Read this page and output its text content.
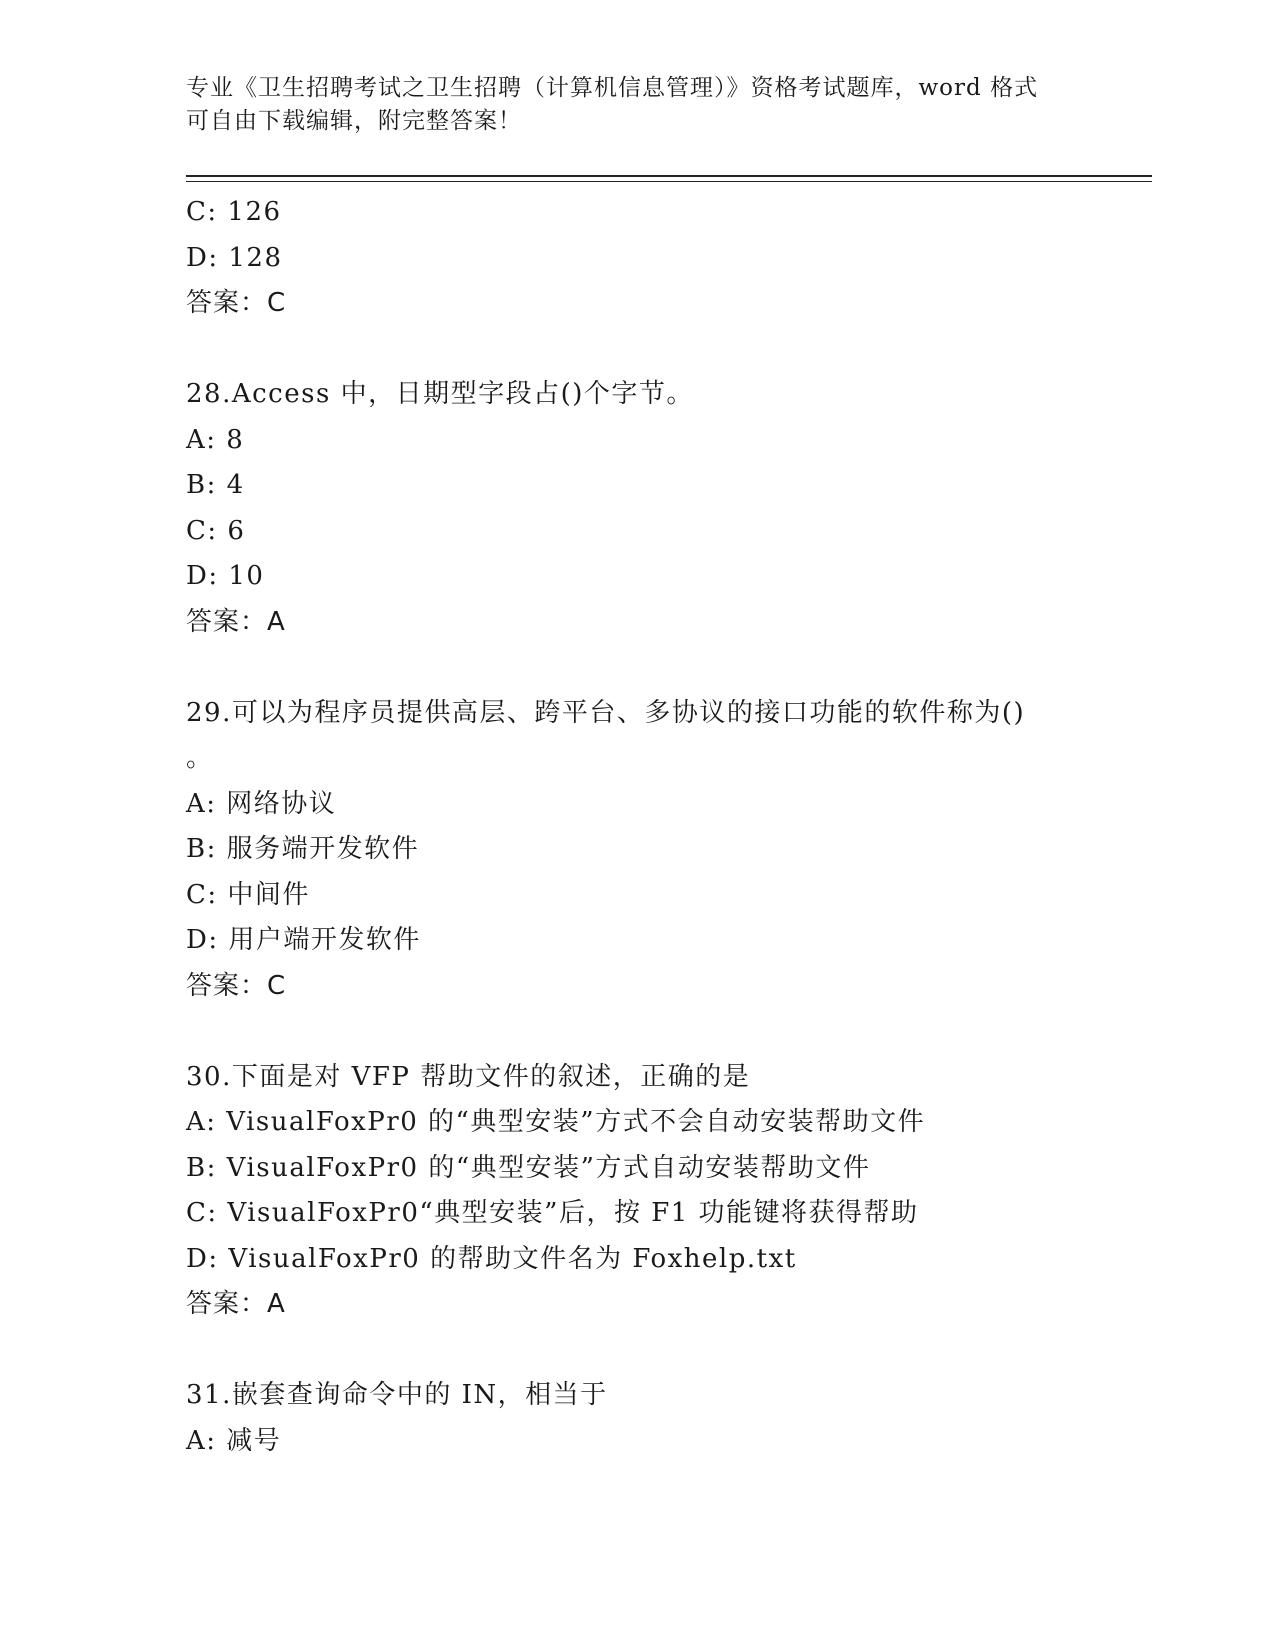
专业《卫生招聘考试之卫生招聘（计算机信息管理）》资格考试题库，word 格式
可自由下载编辑，附完整答案！
C: 126
D: 128
答案：C
28.Access 中，日期型字段占()个字节。
A: 8
B: 4
C: 6
D: 10
答案：A
29.可以为程序员提供高层、跨平台、多协议的接口功能的软件称为()
。
A: 网络协议
B: 服务端开发软件
C: 中间件
D: 用户端开发软件
答案：C
30.下面是对 VFP 帮助文件的叙述，正确的是
A: VisualFoxPr0 的“典型安装”方式不会自动安装帮助文件
B: VisualFoxPr0 的“典型安装”方式自动安装帮助文件
C: VisualFoxPr0“典型安装”后，按 F1 功能键将获得帮助
D: VisualFoxPr0 的帮助文件名为 Foxhelp.txt
答案：A
31.嵌套查询命令中的 IN，相当于
A: 减号
